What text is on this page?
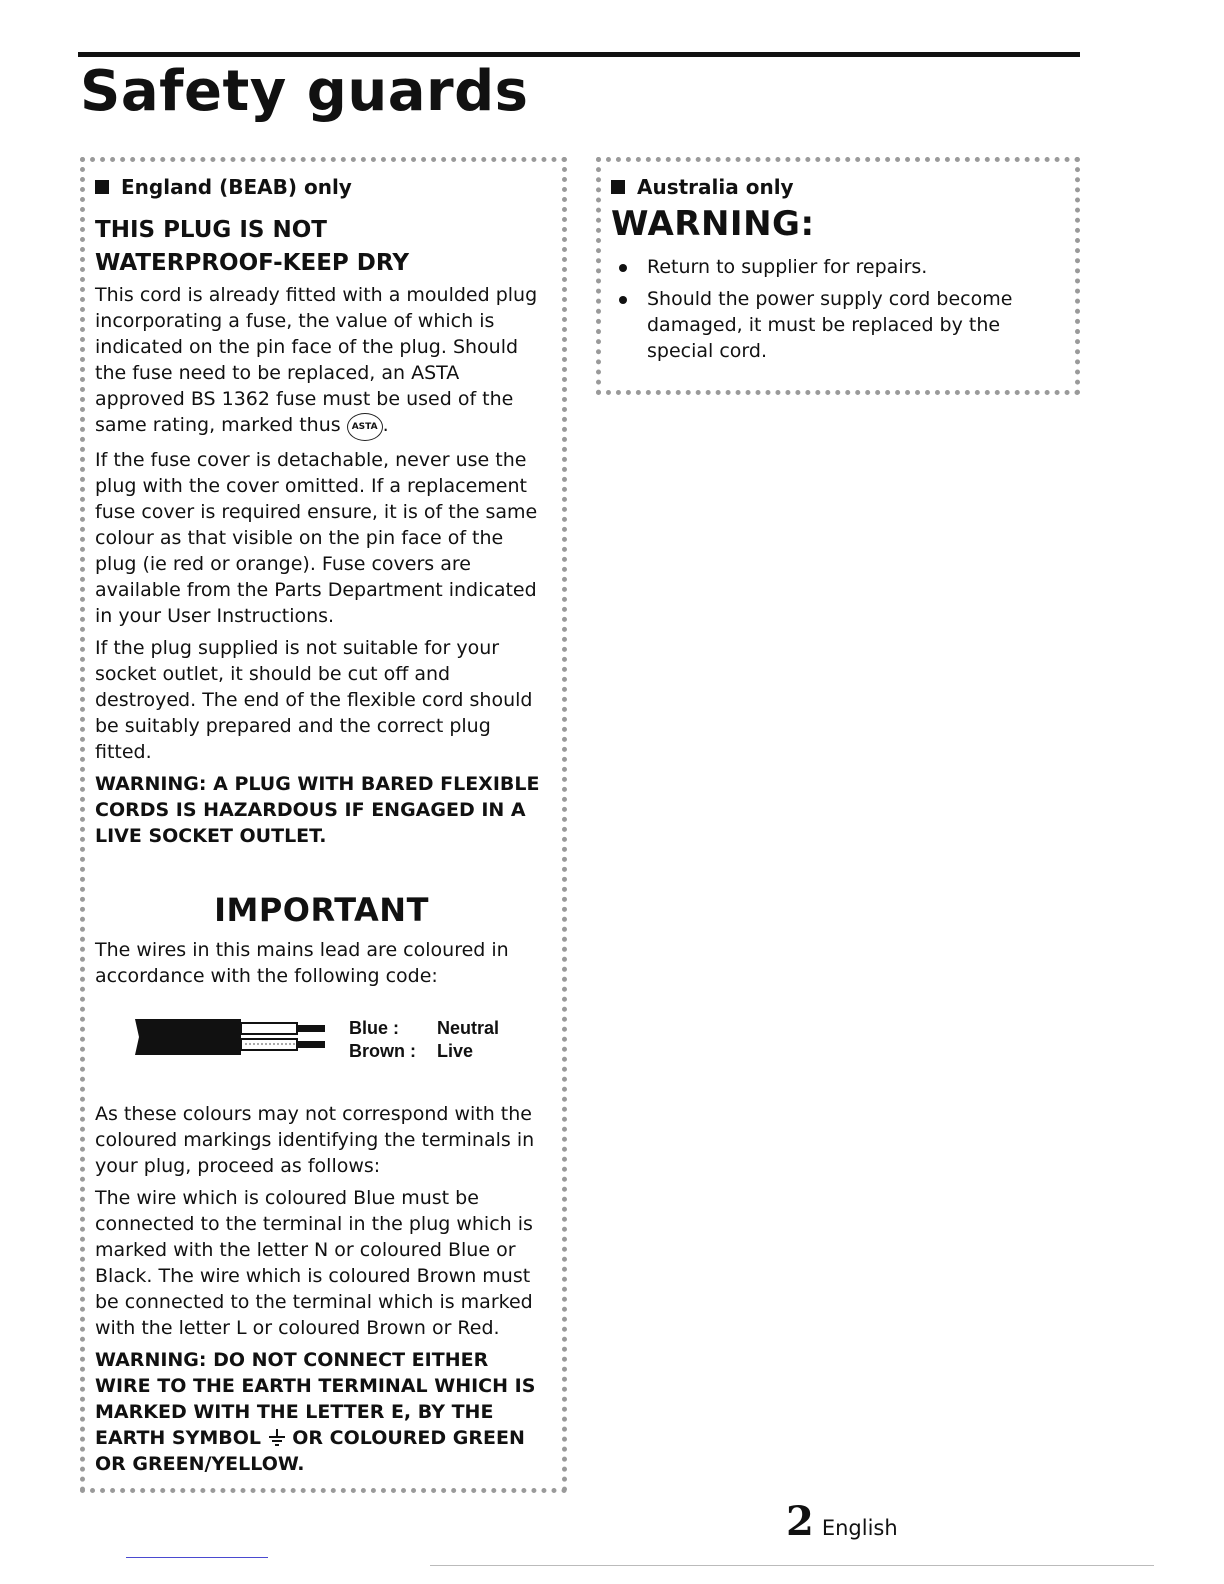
Safety guards
England (BEAB) only
THIS PLUG IS NOT
WATERPROOF-KEEP DRY

This cord is already fitted with a moulded plug incorporating a fuse, the value of which is indicated on the pin face of the plug. Should the fuse need to be replaced, an ASTA approved BS 1362 fuse must be used of the same rating, marked thus ASTA .

If the fuse cover is detachable, never use the plug with the cover omitted. If a replacement fuse cover is required ensure, it is of the same colour as that visible on the pin face of the plug (ie red or orange). Fuse covers are available from the Parts Department indicated in your User Instructions.

If the plug supplied is not suitable for your socket outlet, it should be cut off and destroyed. The end of the flexible cord should be suitably prepared and the correct plug fitted.

WARNING: A PLUG WITH BARED FLEXIBLE CORDS IS HAZARDOUS IF ENGAGED IN A LIVE SOCKET OUTLET.

IMPORTANT

The wires in this mains lead are coloured in accordance with the following code:

Blue :	Neutral
Brown :	Live

As these colours may not correspond with the coloured markings identifying the terminals in your plug, proceed as follows:

The wire which is coloured Blue must be connected to the terminal in the plug which is marked with the letter N or coloured Blue or Black. The wire which is coloured Brown must be connected to the terminal which is marked with the letter L or coloured Brown or Red.

WARNING: DO NOT CONNECT EITHER WIRE TO THE EARTH TERMINAL WHICH IS MARKED WITH THE LETTER E, BY THE EARTH SYMBOL OR COLOURED GREEN OR GREEN/YELLOW.

Australia only
WARNING:
Return to supplier for repairs.
Should the power supply cord become damaged, it must be replaced by the special cord.
2 English
